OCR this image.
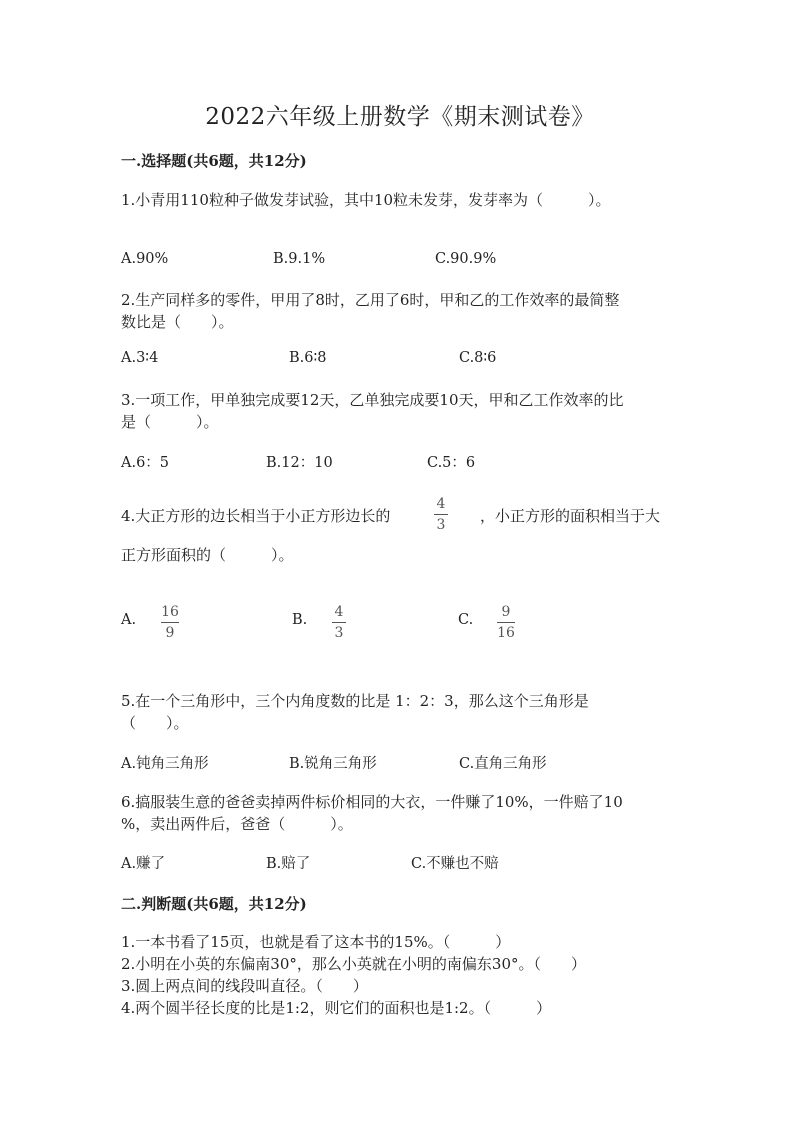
2022六年级上册数学《期末测试卷》
一.选择题(共6题，共12分)
1.小青用110粒种子做发芽试验，其中10粒未发芽，发芽率为（　　　）。
A.90%	B.9.1%	C.90.9%
2.生产同样多的零件，甲用了8时，乙用了6时，甲和乙的工作效率的最简整
数比是（　　）。
A.3∶4	B.6∶8	C.8∶6
3.一项工作，甲单独完成要12天，乙单独完成要10天，甲和乙工作效率的比
是（　　　）。
A.6：5	B.12：10	C.5：6
4.大正方形的边长相当于小正方形边长的
4
3 ，小正方形的面积相当于大
正方形面积的（　　　）。
A. 16
9
B. 4
3
C. 9
16
5.在一个三角形中，三个内角度数的比是 1：2：3，那么这个三角形是
（　　）。
A.钝角三角形	B.锐角三角形	C.直角三角形
6.搞服装生意的爸爸卖掉两件标价相同的大衣，一件赚了10%，一件赔了10
%，卖出两件后，爸爸（　　　）。
A.赚了	B.赔了	C.不赚也不赔
二.判断题(共6题，共12分)
1.一本书看了15页，也就是看了这本书的15%。（　　　）
2.小明在小英的东偏南30°，那么小英就在小明的南偏东30°。（　　）
3.圆上两点间的线段叫直径。（　　）
4.两个圆半径长度的比是1:2，则它们的面积也是1:2。（　　　）
